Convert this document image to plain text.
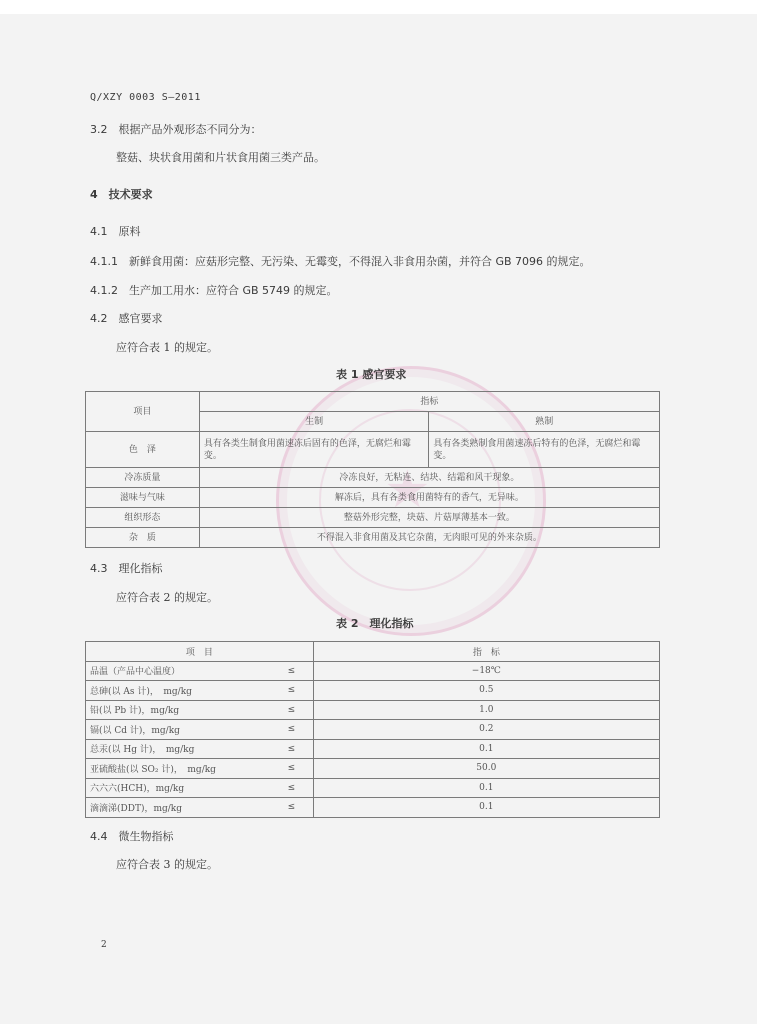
★
Q/XZY 0003 S—2011
3.2　根据产品外观形态不同分为：
整菇、块状食用菌和片状食用菌三类产品。
4　技术要求
4.1　原料
4.1.1　新鲜食用菌：应菇形完整、无污染、无霉变，不得混入非食用杂菌，并符合 GB 7096 的规定。
4.1.2　生产加工用水：应符合 GB 5749 的规定。
4.2　感官要求
应符合表 1 的规定。
表 1 感官要求
项目	指标	
	生制	熟制
色　泽	具有各类生制食用菌速冻后固有的色泽，无腐烂和霉变。	具有各类熟制食用菌速冻后特有的色泽，无腐烂和霉变。
冷冻质量	冷冻良好，无粘连、结块、结霜和风干现象。	
滋味与气味	解冻后，具有各类食用菌特有的香气，无异味。	
组织形态	整菇外形完整，块菇、片菇厚薄基本一致。	
杂　质	不得混入非食用菌及其它杂菌，无肉眼可见的外来杂质。	
4.3　理化指标
应符合表 2 的规定。
表 2　理化指标
项　目		指　标
品温（产品中心温度）	≤	−18℃
总砷(以 As 计)，　mg/kg	≤	0.5
铅(以 Pb 计)，mg/kg	≤	1.0
镉(以 Cd 计)，mg/kg	≤	0.2
总汞(以 Hg 计)，　mg/kg	≤	0.1
亚硫酸盐(以 SO₂ 计)，　mg/kg	≤	50.0
六六六(HCH)，mg/kg	≤	0.1
滴滴涕(DDT)，mg/kg	≤	0.1
4.4　微生物指标
应符合表 3 的规定。
2
